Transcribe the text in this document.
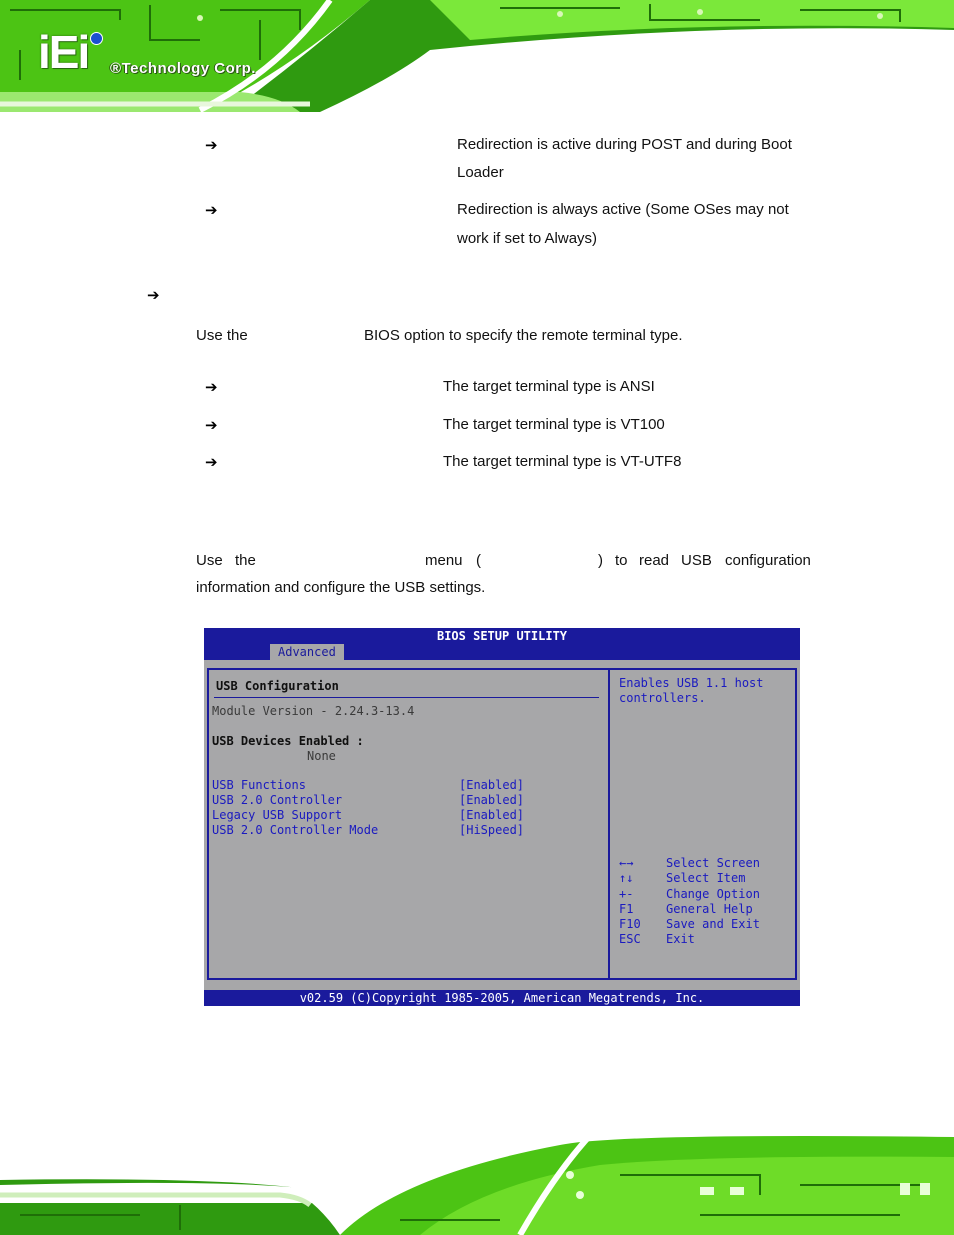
iEi ®Technology Corp.
➔	Redirection is active during POST and during Boot
Loader
➔	Redirection is always active (Some OSes may not
work if set to Always)
➔
Use the	BIOS option to specify the remote terminal type.
➔	The target terminal type is ANSI
➔	The target terminal type is VT100
➔	The target terminal type is VT-UTF8
Use the	menu (	) to read USB configuration
information and configure the USB settings.
BIOS SETUP UTILITY
Advanced
USB Configuration
Module Version - 2.24.3-13.4
USB Devices Enabled :
None
USB Functions	[Enabled]
USB 2.0 Controller	[Enabled]
Legacy USB Support	[Enabled]
USB 2.0 Controller Mode	[HiSpeed]
Enables USB 1.1 host
controllers.
←→	Select Screen
↑↓	Select Item
+-	Change Option
F1	General Help
F10 Save and Exit
ESC Exit
v02.59 (C)Copyright 1985-2005, American Megatrends, Inc.
